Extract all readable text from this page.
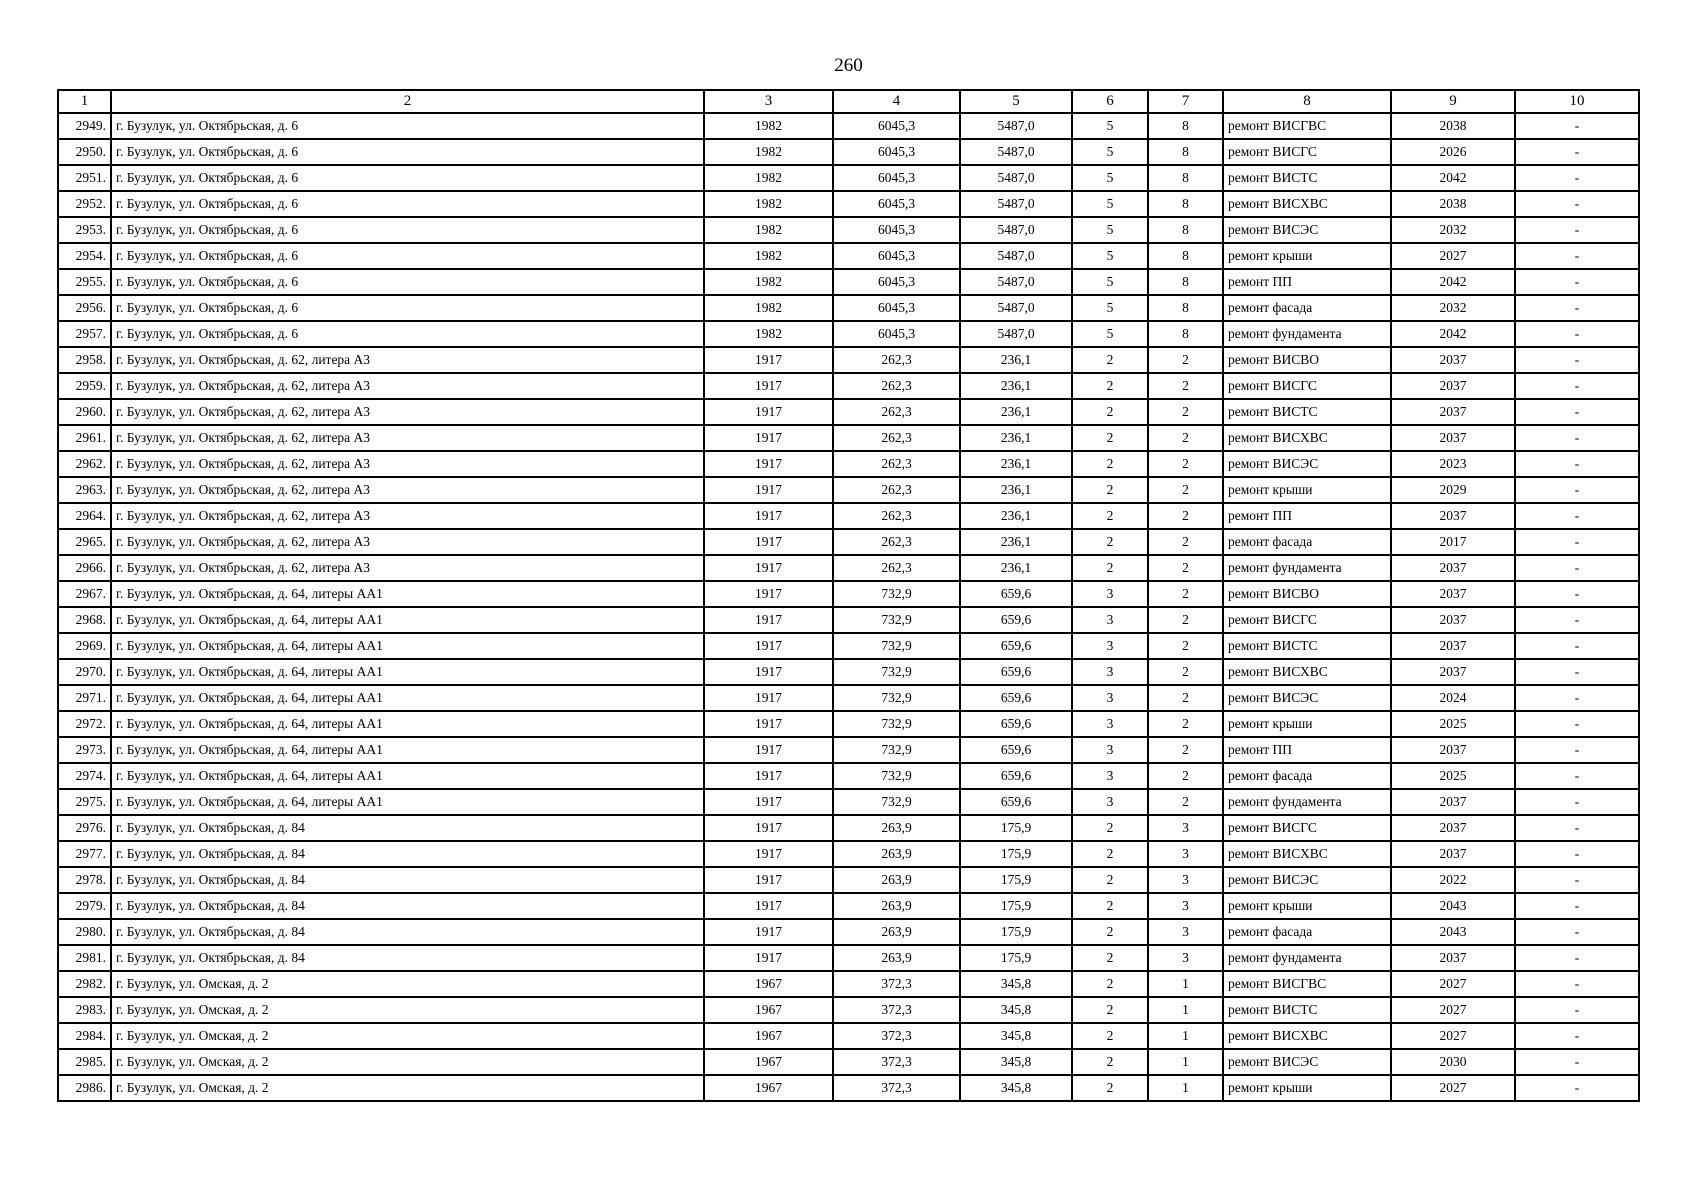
260
1	2	3	4	5	6	7	8	9	10
2949.	г. Бузулук, ул. Октябрьская, д. 6	1982	6045,3	5487,0	5	8	ремонт ВИСГВС	2038	-
2950.	г. Бузулук, ул. Октябрьская, д. 6	1982	6045,3	5487,0	5	8	ремонт ВИСГС	2026	-
2951.	г. Бузулук, ул. Октябрьская, д. 6	1982	6045,3	5487,0	5	8	ремонт ВИСТС	2042	-
2952.	г. Бузулук, ул. Октябрьская, д. 6	1982	6045,3	5487,0	5	8	ремонт ВИСХВС	2038	-
2953.	г. Бузулук, ул. Октябрьская, д. 6	1982	6045,3	5487,0	5	8	ремонт ВИСЭС	2032	-
2954.	г. Бузулук, ул. Октябрьская, д. 6	1982	6045,3	5487,0	5	8	ремонт крыши	2027	-
2955.	г. Бузулук, ул. Октябрьская, д. 6	1982	6045,3	5487,0	5	8	ремонт ПП	2042	-
2956.	г. Бузулук, ул. Октябрьская, д. 6	1982	6045,3	5487,0	5	8	ремонт фасада	2032	-
2957.	г. Бузулук, ул. Октябрьская, д. 6	1982	6045,3	5487,0	5	8	ремонт фундамента	2042	-
2958.	г. Бузулук, ул. Октябрьская, д. 62, литера А3	1917	262,3	236,1	2	2	ремонт ВИСВО	2037	-
2959.	г. Бузулук, ул. Октябрьская, д. 62, литера А3	1917	262,3	236,1	2	2	ремонт ВИСГС	2037	-
2960.	г. Бузулук, ул. Октябрьская, д. 62, литера А3	1917	262,3	236,1	2	2	ремонт ВИСТС	2037	-
2961.	г. Бузулук, ул. Октябрьская, д. 62, литера А3	1917	262,3	236,1	2	2	ремонт ВИСХВС	2037	-
2962.	г. Бузулук, ул. Октябрьская, д. 62, литера А3	1917	262,3	236,1	2	2	ремонт ВИСЭС	2023	-
2963.	г. Бузулук, ул. Октябрьская, д. 62, литера А3	1917	262,3	236,1	2	2	ремонт крыши	2029	-
2964.	г. Бузулук, ул. Октябрьская, д. 62, литера А3	1917	262,3	236,1	2	2	ремонт ПП	2037	-
2965.	г. Бузулук, ул. Октябрьская, д. 62, литера А3	1917	262,3	236,1	2	2	ремонт фасада	2017	-
2966.	г. Бузулук, ул. Октябрьская, д. 62, литера А3	1917	262,3	236,1	2	2	ремонт фундамента	2037	-
2967.	г. Бузулук, ул. Октябрьская, д. 64, литеры АА1	1917	732,9	659,6	3	2	ремонт ВИСВО	2037	-
2968.	г. Бузулук, ул. Октябрьская, д. 64, литеры АА1	1917	732,9	659,6	3	2	ремонт ВИСГС	2037	-
2969.	г. Бузулук, ул. Октябрьская, д. 64, литеры АА1	1917	732,9	659,6	3	2	ремонт ВИСТС	2037	-
2970.	г. Бузулук, ул. Октябрьская, д. 64, литеры АА1	1917	732,9	659,6	3	2	ремонт ВИСХВС	2037	-
2971.	г. Бузулук, ул. Октябрьская, д. 64, литеры АА1	1917	732,9	659,6	3	2	ремонт ВИСЭС	2024	-
2972.	г. Бузулук, ул. Октябрьская, д. 64, литеры АА1	1917	732,9	659,6	3	2	ремонт крыши	2025	-
2973.	г. Бузулук, ул. Октябрьская, д. 64, литеры АА1	1917	732,9	659,6	3	2	ремонт ПП	2037	-
2974.	г. Бузулук, ул. Октябрьская, д. 64, литеры АА1	1917	732,9	659,6	3	2	ремонт фасада	2025	-
2975.	г. Бузулук, ул. Октябрьская, д. 64, литеры АА1	1917	732,9	659,6	3	2	ремонт фундамента	2037	-
2976.	г. Бузулук, ул. Октябрьская, д. 84	1917	263,9	175,9	2	3	ремонт ВИСГС	2037	-
2977.	г. Бузулук, ул. Октябрьская, д. 84	1917	263,9	175,9	2	3	ремонт ВИСХВС	2037	-
2978.	г. Бузулук, ул. Октябрьская, д. 84	1917	263,9	175,9	2	3	ремонт ВИСЭС	2022	-
2979.	г. Бузулук, ул. Октябрьская, д. 84	1917	263,9	175,9	2	3	ремонт крыши	2043	-
2980.	г. Бузулук, ул. Октябрьская, д. 84	1917	263,9	175,9	2	3	ремонт фасада	2043	-
2981.	г. Бузулук, ул. Октябрьская, д. 84	1917	263,9	175,9	2	3	ремонт фундамента	2037	-
2982.	г. Бузулук, ул. Омская, д. 2	1967	372,3	345,8	2	1	ремонт ВИСГВС	2027	-
2983.	г. Бузулук, ул. Омская, д. 2	1967	372,3	345,8	2	1	ремонт ВИСТС	2027	-
2984.	г. Бузулук, ул. Омская, д. 2	1967	372,3	345,8	2	1	ремонт ВИСХВС	2027	-
2985.	г. Бузулук, ул. Омская, д. 2	1967	372,3	345,8	2	1	ремонт ВИСЭС	2030	-
2986.	г. Бузулук, ул. Омская, д. 2	1967	372,3	345,8	2	1	ремонт крыши	2027	-
